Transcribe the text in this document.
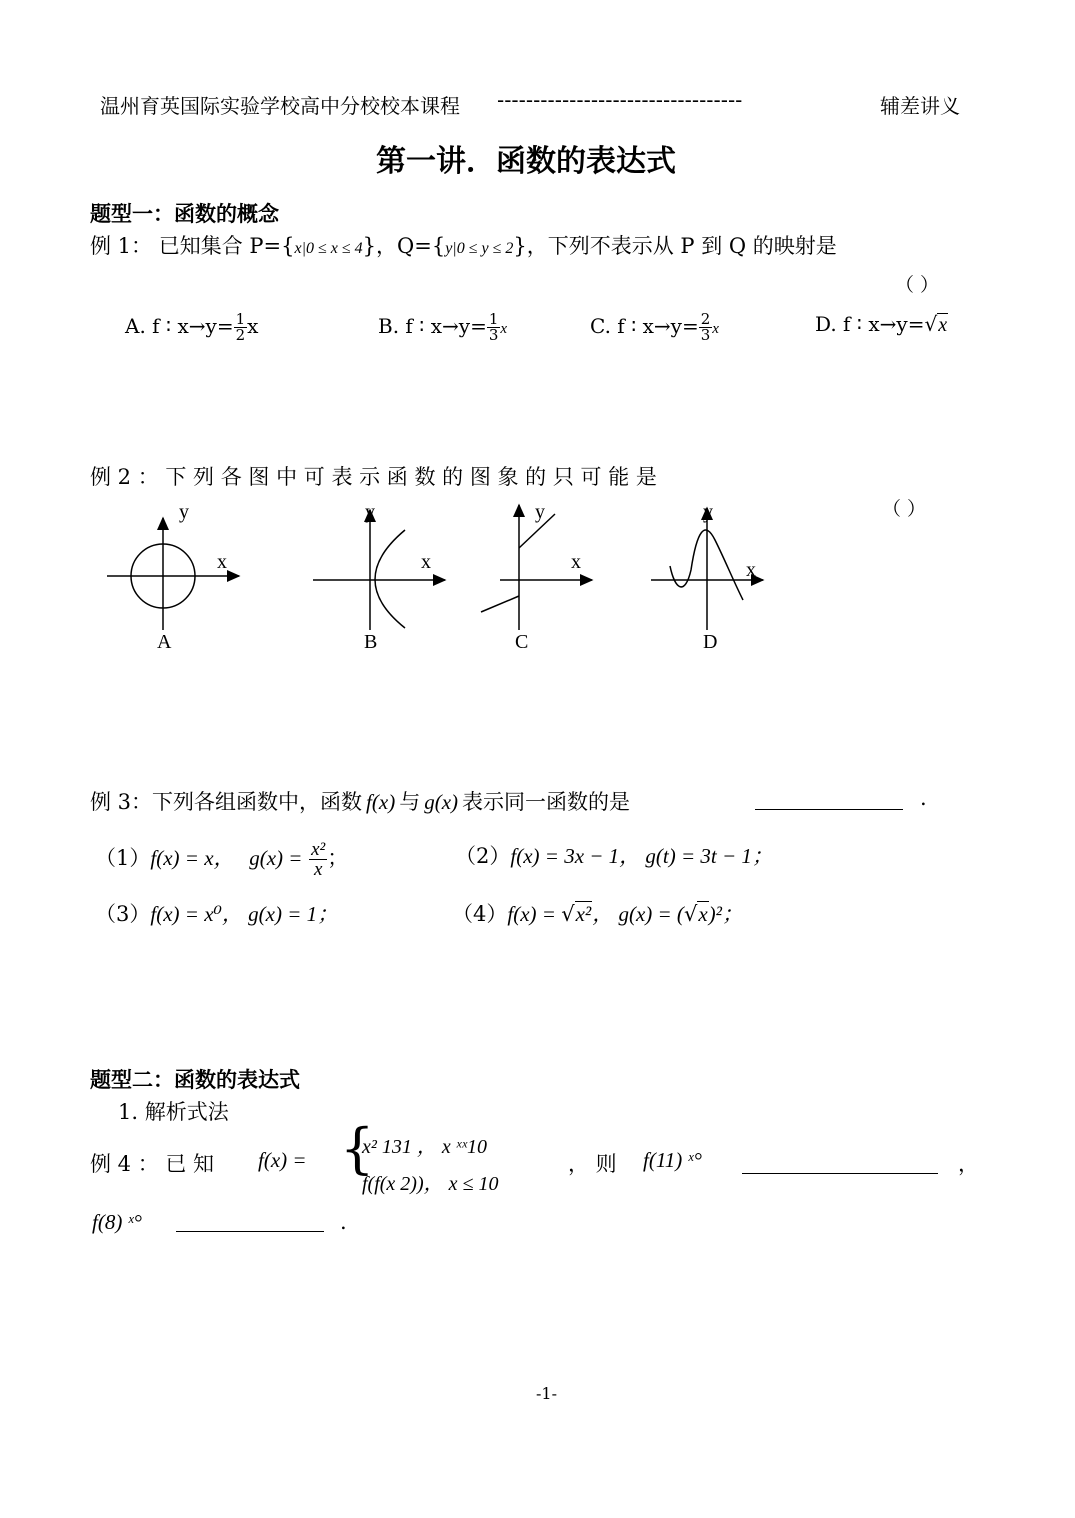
温州育英国际实验学校高中分校校本课程 ----------------------------------	辅差讲义
第一讲．函数的表达式
题型一：函数的概念
例 1： 已知集合 P={x|0 ≤ x ≤ 4}，Q={y|0 ≤ y ≤ 2}，下列不表示从 P 到 Q 的映射是
（ ）
A. f ∶ $x\to y= \frac{1}{2}$ x	B. f ∶ $x\to y= \frac{1}{3}$ x	C. f ∶ $x\to y= \frac{2}{3}$ x	D. f ∶ x→y=√x
例 2 ： 下 列 各 图 中 可 表 示 函 数 的 图 象 的 只 可 能 是
（ ）
y
x
A
y
x
B
y
x
C
y
x
D
例 3：下列各组函数中，函数 f(x) 与 g(x) 表示同一函数的是	.
（1）f(x) = x， $g(x) = \frac{\text{x²}}{x}$ ；	（2）f(x) = 3x − 1， g(t) = 3t − 1；
（3）f(x) = x⁰， g(x) = 1；	（4）f(x) = √x²， g(x) = (√x)²；
题型二：函数的表达式
1. 解析式法
例 4 ： 已 知 f(x) = {
x² 131 ， x ˣˣ10
f(f(x 2))， x ≤ 10
， 则 f(11) ˣ°	，
f(8) ˣ°	.
-1-
